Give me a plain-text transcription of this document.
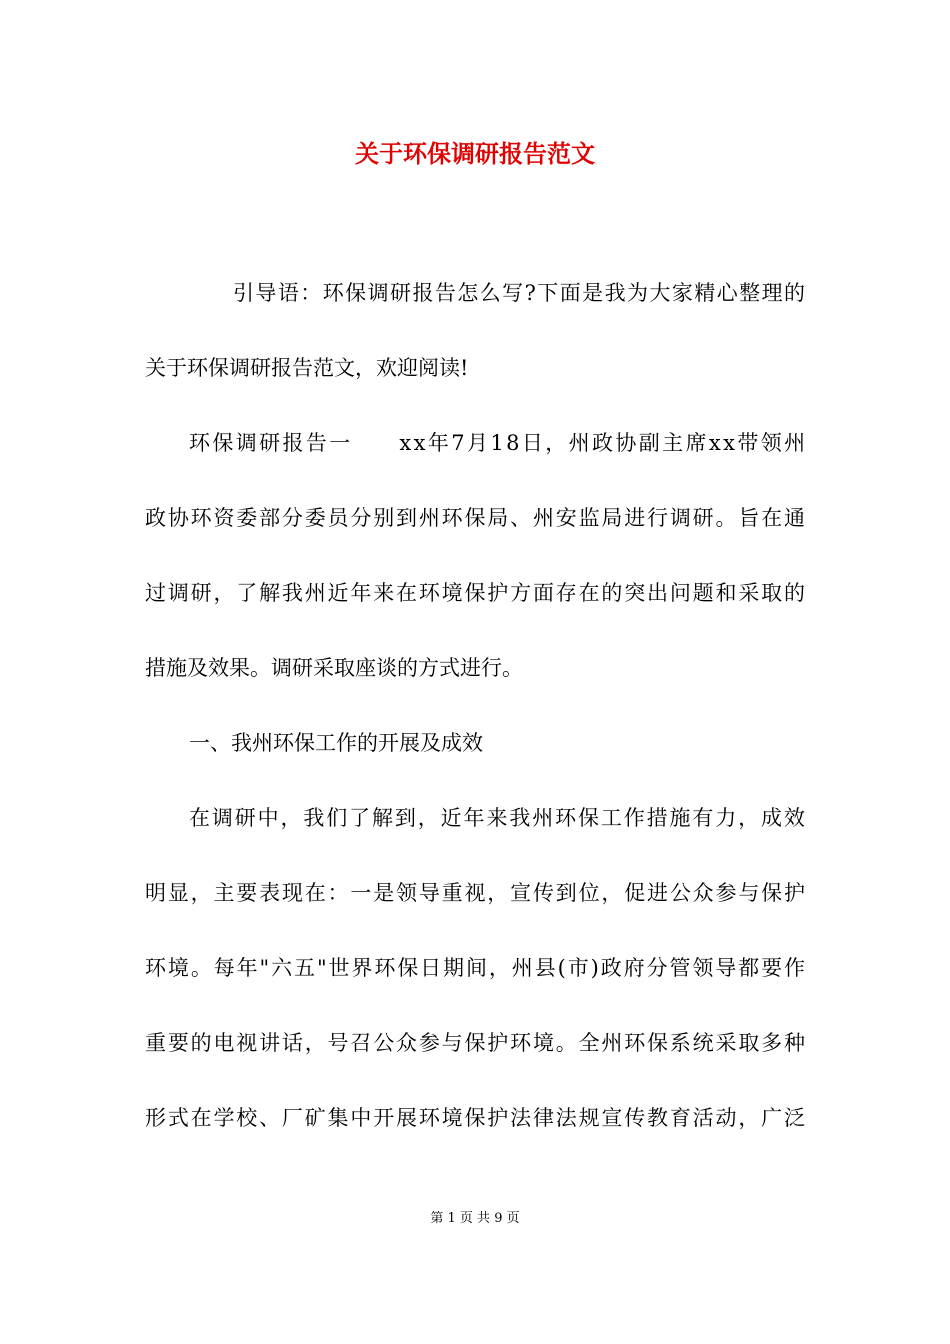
关于环保调研报告范文

引导语：环保调研报告怎么写?下面是我为大家精心整理的

关于环保调研报告范文，欢迎阅读!

环保调研报告一　　xx年7月18日，州政协副主席xx带领州

政协环资委部分委员分别到州环保局、州安监局进行调研。旨在通

过调研，了解我州近年来在环境保护方面存在的突出问题和采取的

措施及效果。调研采取座谈的方式进行。

一、我州环保工作的开展及成效

在调研中，我们了解到，近年来我州环保工作措施有力，成效

明显，主要表现在：一是领导重视，宣传到位，促进公众参与保护

环境。每年"六五"世界环保日期间，州县(市)政府分管领导都要作

重要的电视讲话，号召公众参与保护环境。全州环保系统采取多种

形式在学校、厂矿集中开展环境保护法律法规宣传教育活动，广泛

第 1 页 共 9 页
